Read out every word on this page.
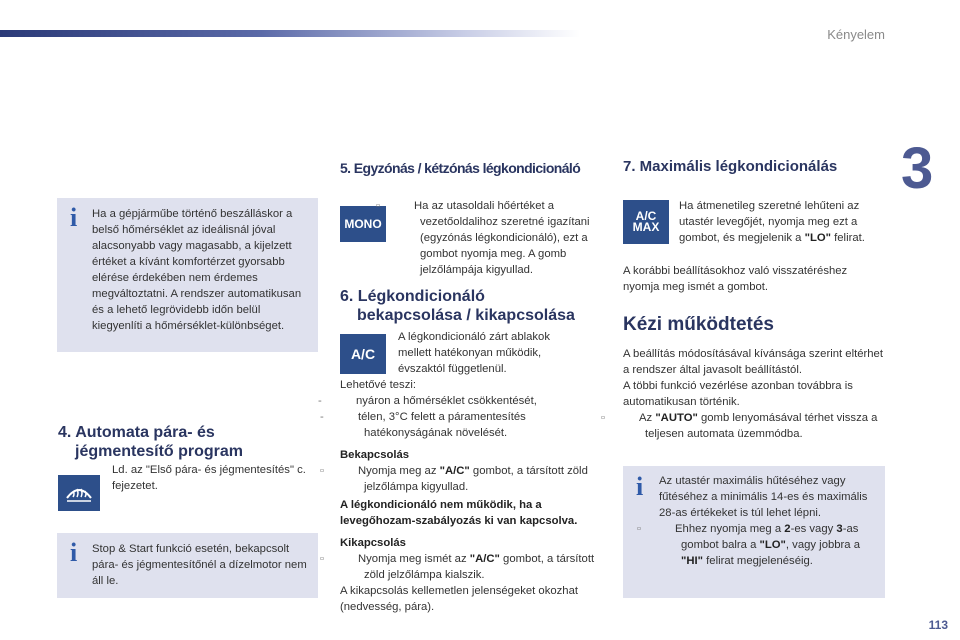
Kényelem
3
i Ha a gépjárműbe történő beszálláskor a belső hőmérséklet az ideálisnál jóval alacsonyabb vagy magasabb, a kijelzett értéket a kívánt komfortérzet gyorsabb elérése érdekében nem érdemes megváltoztatni. A rendszer automatikusan és a lehető legrövidebb időn belül kiegyenlíti a hőmérséklet-különbséget.
4. Automata pára- és
jégmentesítő program
Ld. az "Első pára- és jégmentesítés" c. fejezetet.
i Stop & Start funkció esetén, bekapcsolt pára- és jégmentesítőnél a dízelmotor nem áll le.
5. Egyzónás / kétzónás légkondicionáló
MONO
▫	Ha az utasoldali hőértéket a vezetőoldalihoz szeretné igazítani (egyzónás légkondicionáló), ezt a gombot nyomja meg. A gomb jelzőlámpája kigyullad.
6. Légkondicionáló
bekapcsolása / kikapcsolása
A/C
A légkondicionáló zárt ablakok mellett hatékonyan működik, évszaktól függetlenül.
Lehetővé teszi:
-	nyáron a hőmérséklet csökkentését,
-	télen, 3°C felett a páramentesítés hatékonyságának növelését.
Bekapcsolás
▫	Nyomja meg az "A/C" gombot, a társított zöld jelzőlámpa kigyullad.
A légkondicionáló nem működik, ha a levegőhozam-szabályozás ki van kapcsolva.
Kikapcsolás
▫	Nyomja meg ismét az "A/C" gombot, a társított zöld jelzőlámpa kialszik.
A kikapcsolás kellemetlen jelenségeket okozhat (nedvesség, pára).
7. Maximális légkondicionálás
A/C
MAX
Ha átmenetileg szeretné lehűteni az utastér levegőjét, nyomja meg ezt a gombot, és megjelenik a "LO" felirat.
A korábbi beállításokhoz való visszatéréshez nyomja meg ismét a gombot.
Kézi működtetés
A beállítás módosításával kívánsága szerint eltérhet a rendszer által javasolt beállítástól.
A többi funkció vezérlése azonban továbbra is automatikusan történik.
▫	Az "AUTO" gomb lenyomásával térhet vissza a teljesen automata üzemmódba.
i Az utastér maximális hűtéséhez vagy fűtéséhez a minimális 14-es és maximális 28-as értékeket is túl lehet lépni.
▫	Ehhez nyomja meg a 2-es vagy 3-as gombot balra a "LO", vagy jobbra a "HI" felirat megjelenéséig.
113
